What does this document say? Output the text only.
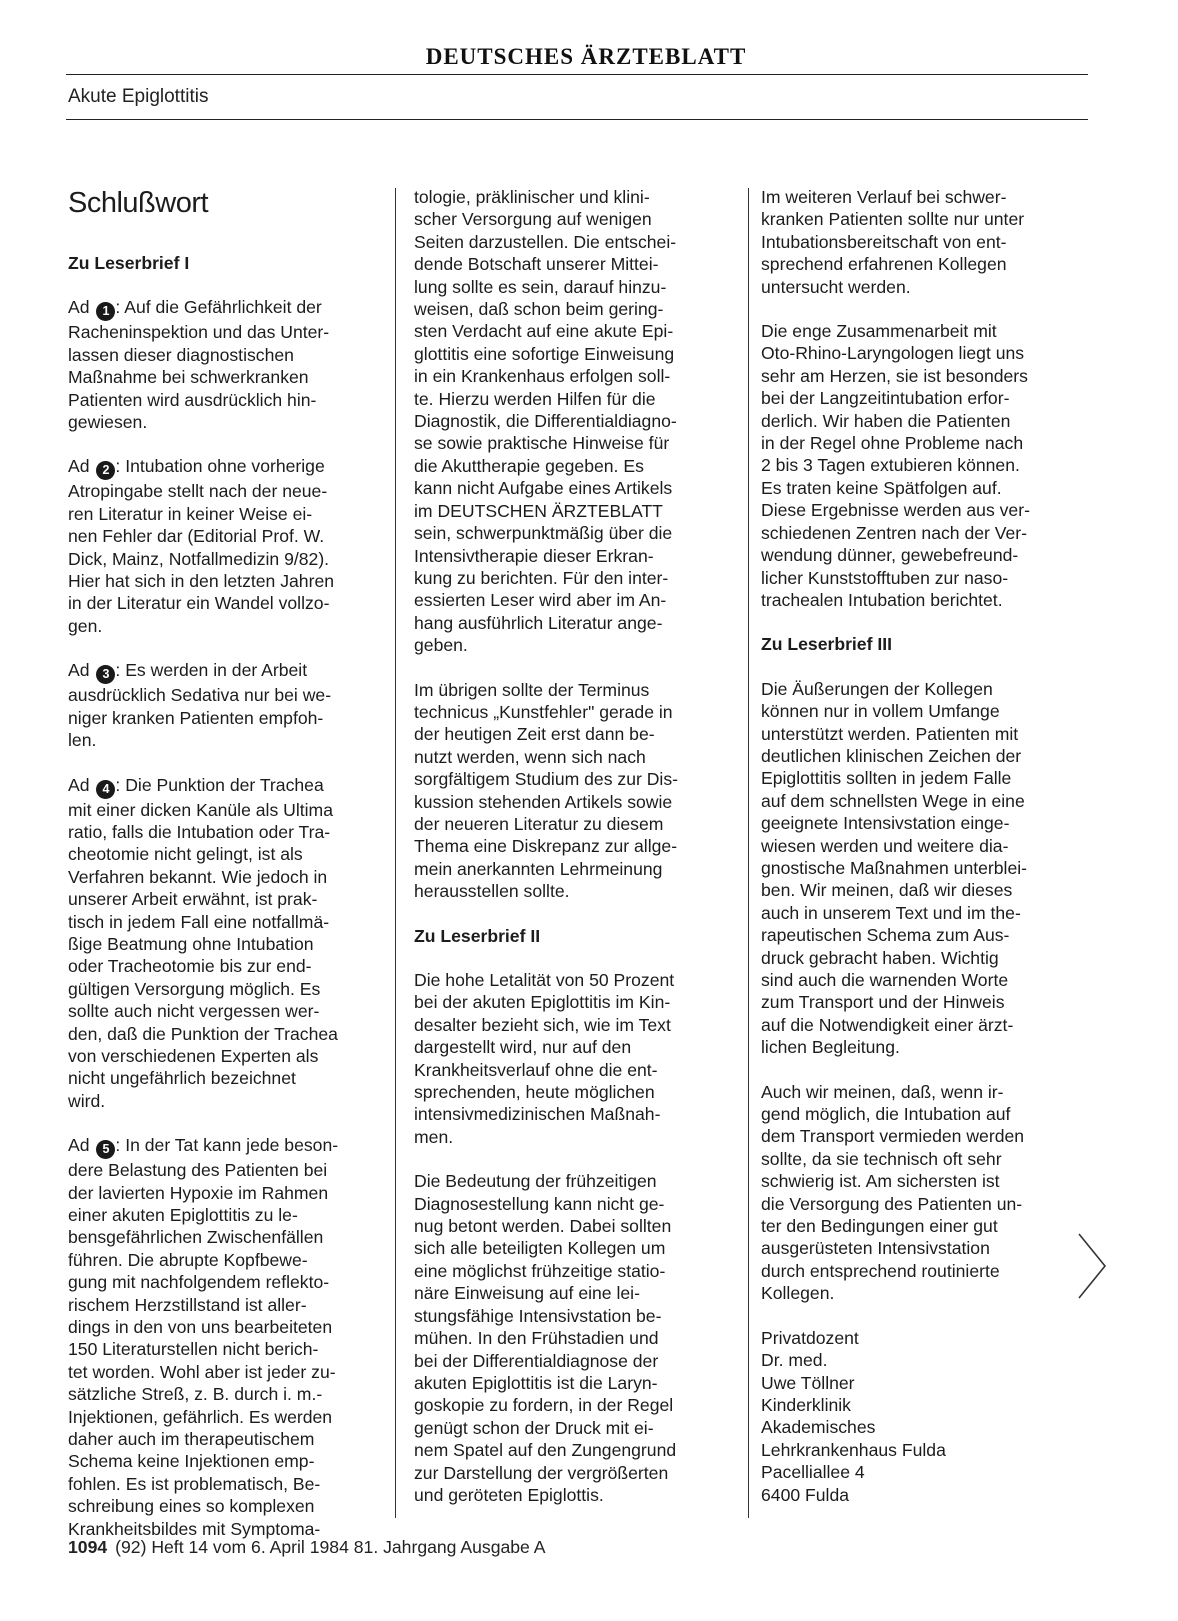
DEUTSCHES ÄRZTEBLATT
Akute Epiglottitis
Schlußwort
Zu Leserbrief I

Ad 1 : Auf die Gefährlichkeit der
Racheninspektion und das Unter-
lassen dieser diagnostischen
Maßnahme bei schwerkranken
Patienten wird ausdrücklich hin-
gewiesen.

Ad 2 : Intubation ohne vorherige
Atropingabe stellt nach der neue-
ren Literatur in keiner Weise ei-
nen Fehler dar (Editorial Prof. W.
Dick, Mainz, Notfallmedizin 9/82).
Hier hat sich in den letzten Jahren
in der Literatur ein Wandel vollzo-
gen.

Ad 3 : Es werden in der Arbeit
ausdrücklich Sedativa nur bei we-
niger kranken Patienten empfoh-
len.

Ad 4 : Die Punktion der Trachea
mit einer dicken Kanüle als Ultima
ratio, falls die Intubation oder Tra-
cheotomie nicht gelingt, ist als
Verfahren bekannt. Wie jedoch in
unserer Arbeit erwähnt, ist prak-
tisch in jedem Fall eine notfallmä-
ßige Beatmung ohne Intubation
oder Tracheotomie bis zur end-
gültigen Versorgung möglich. Es
sollte auch nicht vergessen wer-
den, daß die Punktion der Trachea
von verschiedenen Experten als
nicht ungefährlich bezeichnet
wird.

Ad 5 : In der Tat kann jede beson-
dere Belastung des Patienten bei
der lavierten Hypoxie im Rahmen
einer akuten Epiglottitis zu le-
bensgefährlichen Zwischenfällen
führen. Die abrupte Kopfbewe-
gung mit nachfolgendem reflekto-
rischem Herzstillstand ist aller-
dings in den von uns bearbeiteten
150 Literaturstellen nicht berich-
tet worden. Wohl aber ist jeder zu-
sätzliche Streß, z. B. durch i. m.-
Injektionen, gefährlich. Es werden
daher auch im therapeutischem
Schema keine Injektionen emp-
fohlen. Es ist problematisch, Be-
schreibung eines so komplexen
Krankheitsbildes mit Symptoma-

tologie, präklinischer und klini-
scher Versorgung auf wenigen
Seiten darzustellen. Die entschei-
dende Botschaft unserer Mittei-
lung sollte es sein, darauf hinzu-
weisen, daß schon beim gering-
sten Verdacht auf eine akute Epi-
glottitis eine sofortige Einweisung
in ein Krankenhaus erfolgen soll-
te. Hierzu werden Hilfen für die
Diagnostik, die Differentialdiagno-
se sowie praktische Hinweise für
die Akuttherapie gegeben. Es
kann nicht Aufgabe eines Artikels
im DEUTSCHEN ÄRZTEBLATT
sein, schwerpunktmäßig über die
Intensivtherapie dieser Erkran-
kung zu berichten. Für den inter-
essierten Leser wird aber im An-
hang ausführlich Literatur ange-
geben.

Im übrigen sollte der Terminus
technicus „Kunstfehler" gerade in
der heutigen Zeit erst dann be-
nutzt werden, wenn sich nach
sorgfältigem Studium des zur Dis-
kussion stehenden Artikels sowie
der neueren Literatur zu diesem
Thema eine Diskrepanz zur allge-
mein anerkannten Lehrmeinung
herausstellen sollte.

Zu Leserbrief II

Die hohe Letalität von 50 Prozent
bei der akuten Epiglottitis im Kin-
desalter bezieht sich, wie im Text
dargestellt wird, nur auf den
Krankheitsverlauf ohne die ent-
sprechenden, heute möglichen
intensivmedizinischen Maßnah-
men.

Die Bedeutung der frühzeitigen
Diagnosestellung kann nicht ge-
nug betont werden. Dabei sollten
sich alle beteiligten Kollegen um
eine möglichst frühzeitige statio-
näre Einweisung auf eine lei-
stungsfähige Intensivstation be-
mühen. In den Frühstadien und
bei der Differentialdiagnose der
akuten Epiglottitis ist die Laryn-
goskopie zu fordern, in der Regel
genügt schon der Druck mit ei-
nem Spatel auf den Zungengrund
zur Darstellung der vergrößerten
und geröteten Epiglottis.

Im weiteren Verlauf bei schwer-
kranken Patienten sollte nur unter
Intubationsbereitschaft von ent-
sprechend erfahrenen Kollegen
untersucht werden.

Die enge Zusammenarbeit mit
Oto-Rhino-Laryngologen liegt uns
sehr am Herzen, sie ist besonders
bei der Langzeitintubation erfor-
derlich. Wir haben die Patienten
in der Regel ohne Probleme nach
2 bis 3 Tagen extubieren können.
Es traten keine Spätfolgen auf.
Diese Ergebnisse werden aus ver-
schiedenen Zentren nach der Ver-
wendung dünner, gewebefreund-
licher Kunststofftuben zur naso-
trachealen Intubation berichtet.

Zu Leserbrief III

Die Äußerungen der Kollegen
können nur in vollem Umfange
unterstützt werden. Patienten mit
deutlichen klinischen Zeichen der
Epiglottitis sollten in jedem Falle
auf dem schnellsten Wege in eine
geeignete Intensivstation einge-
wiesen werden und weitere dia-
gnostische Maßnahmen unterblei-
ben. Wir meinen, daß wir dieses
auch in unserem Text und im the-
rapeutischen Schema zum Aus-
druck gebracht haben. Wichtig
sind auch die warnenden Worte
zum Transport und der Hinweis
auf die Notwendigkeit einer ärzt-
lichen Begleitung.

Auch wir meinen, daß, wenn ir-
gend möglich, die Intubation auf
dem Transport vermieden werden
sollte, da sie technisch oft sehr
schwierig ist. Am sichersten ist
die Versorgung des Patienten un-
ter den Bedingungen einer gut
ausgerüsteten Intensivstation
durch entsprechend routinierte
Kollegen.

Privatdozent
Dr. med.
Uwe Töllner
Kinderklinik
Akademisches
Lehrkrankenhaus Fulda
Pacelliallee 4
6400 Fulda

1094 (92) Heft 14 vom 6. April 1984 81. Jahrgang Ausgabe A
